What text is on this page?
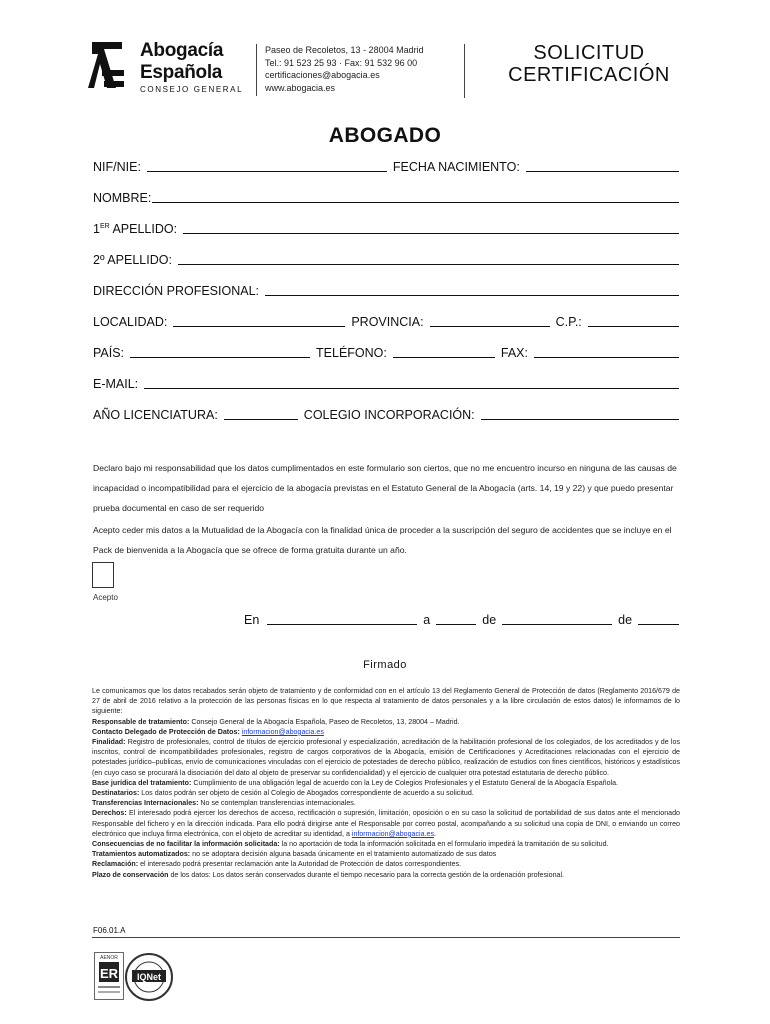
Abogacía
Española
CONSEJO GENERAL
Paseo de Recoletos, 13 - 28004 Madrid
Tel.: 91 523 25 93 · Fax: 91 532 96 00
certificaciones@abogacia.es
www.abogacia.es
SOLICITUD
CERTIFICACIÓN
ABOGADO
NIF/NIE:	FECHA NACIMIENTO:
NOMBRE:
1ER APELLIDO:
2º APELLIDO:
DIRECCIÓN PROFESIONAL:
LOCALIDAD:	PROVINCIA:	C.P.:
PAÍS:	TELÉFONO:	FAX:
E-MAIL:
AÑO LICENCIATURA:	COLEGIO INCORPORACIÓN:
Declaro bajo mi responsabilidad que los datos cumplimentados en este formulario son ciertos, que no me encuentro incurso en ninguna de las causas de incapacidad o incompatibilidad para el ejercicio de la abogacía previstas en el Estatuto General de la Abogacía (arts. 14, 19 y 22) y que puedo presentar prueba documental en caso de ser requerido
Acepto ceder mis datos a la Mutualidad de la Abogacía con la finalidad única de proceder a la suscripción del seguro de accidentes que se incluye en el Pack de bienvenida a la Abogacía que se ofrece de forma gratuita durante un año.
Acepto
En	a	de	de
Firmado

Le comunicamos que los datos recabados serán objeto de tratamiento y de conformidad con en el artículo 13 del Reglamento General de Protección de datos (Reglamento 2016/679 de 27 de abril de 2016 relativo a la protección de las personas físicas en lo que respecta al tratamiento de datos personales y a la libre circulación de estos datos) le informamos de lo siguiente:

Responsable de tratamiento: Consejo General de la Abogacía Española, Paseo de Recoletos, 13, 28004 – Madrid.

Contacto Delegado de Protección de Datos: informacion@abogacia.es

Finalidad: Registro de profesionales, control de títulos de ejercicio profesional y especialización, acreditación de la habilitación profesional de los colegiados, de los acreditados y de los inscritos, control de incompatibilidades profesionales, registro de cargos corporativos de la Abogacía, emisión de Certificaciones y Acreditaciones relacionadas con el ejercicio de potestades jurídico–publicas, envío de comunicaciones vinculadas con el ejercicio de potestades de derecho público, realización de estudios con fines científicos, históricos y estadísticos (en cuyo caso se procurará la disociación del dato al objeto de preservar su confidencialidad) y el ejercicio de cualquier otra potestad estatutaria de derecho público.

Base jurídica del tratamiento: Cumplimiento de una obligación legal de acuerdo con la Ley de Colegios Profesionales y el Estatuto General de la Abogacía Española.

Destinatarios: Los datos podrán ser objeto de cesión al Colegio de Abogados correspondiente de acuerdo a su solicitud.

Transferencias Internacionales: No se contemplan transferencias internacionales.

Derechos: El interesado podrá ejercer los derechos de acceso, rectificación o supresión, limitación, oposición o en su caso la solicitud de portabilidad de sus datos ante el mencionado Responsable del fichero y en la dirección indicada. Para ello podrá dirigirse ante el Responsable por correo postal, acompañando a su solicitud una copia de DNI, o enviando un correo electrónico que incluya firma electrónica, con el objeto de acreditar su identidad, a informacion@abogacia.es.

Consecuencias de no facilitar la información solicitada: la no aportación de toda la información solicitada en el formulario impedirá la tramitación de su solicitud.

Tratamientos automatizados: no se adoptara decisión alguna basada únicamente en el tratamiento automatizado de sus datos

Reclamación: el interesado podrá presentar reclamación ante la Autoridad de Protección de datos correspondientes.

Plazo de conservación de los datos: Los datos serán conservados durante el tiempo necesario para la correcta gestión de la ordenación profesional.

F06.01.A
AENOR
ER IQNet
